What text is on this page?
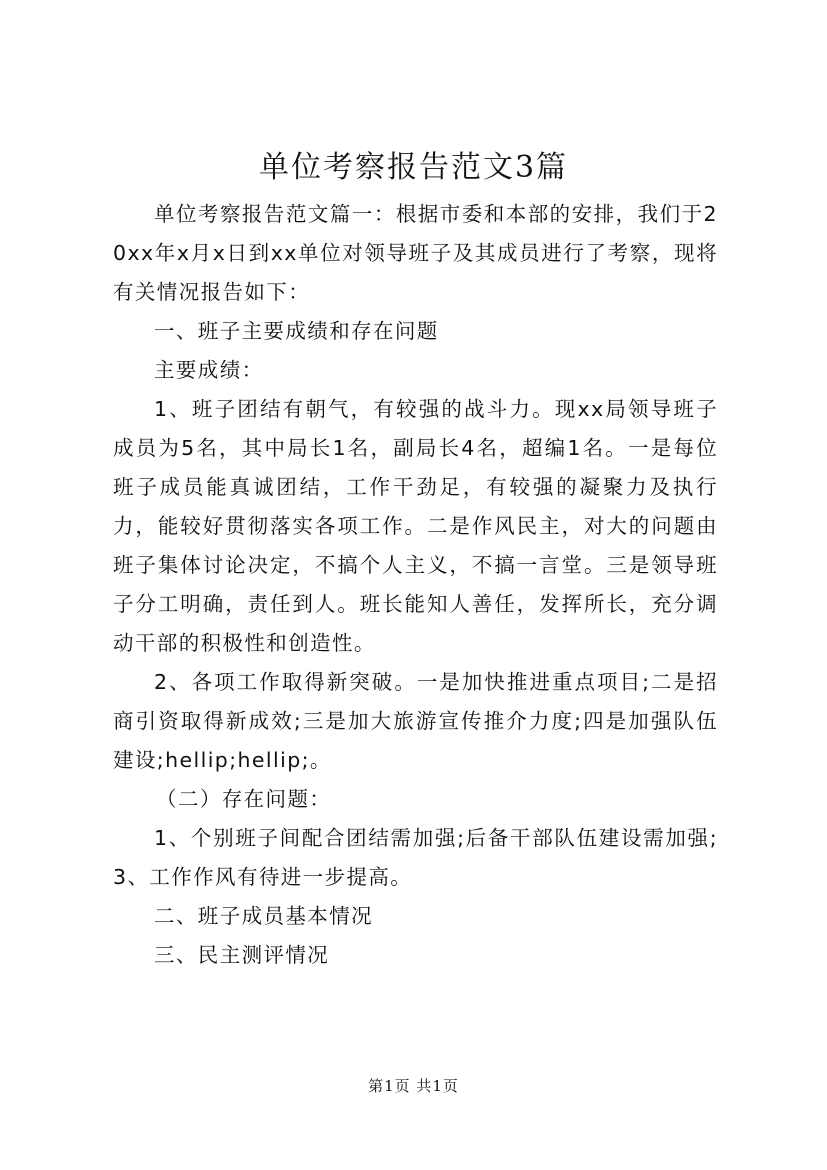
单位考察报告范文3篇

单位考察报告范文篇一：根据市委和本部的安排，我们于20xx年x月x日到xx单位对领导班子及其成员进行了考察，现将有关情况报告如下：

一、班子主要成绩和存在问题

主要成绩：

1、班子团结有朝气，有较强的战斗力。现xx局领导班子成员为5名，其中局长1名，副局长4名，超编1名。一是每位班子成员能真诚团结，工作干劲足，有较强的凝聚力及执行力，能较好贯彻落实各项工作。二是作风民主，对大的问题由班子集体讨论决定，不搞个人主义，不搞一言堂。三是领导班子分工明确，责任到人。班长能知人善任，发挥所长，充分调动干部的积极性和创造性。

2、各项工作取得新突破。一是加快推进重点项目;二是招商引资取得新成效;三是加大旅游宣传推介力度;四是加强队伍建设;hellip;hellip;。

（二）存在问题：

1、个别班子间配合团结需加强;后备干部队伍建设需加强;3、工作作风有待进一步提高。

二、班子成员基本情况

三、民主测评情况

第1页 共1页
